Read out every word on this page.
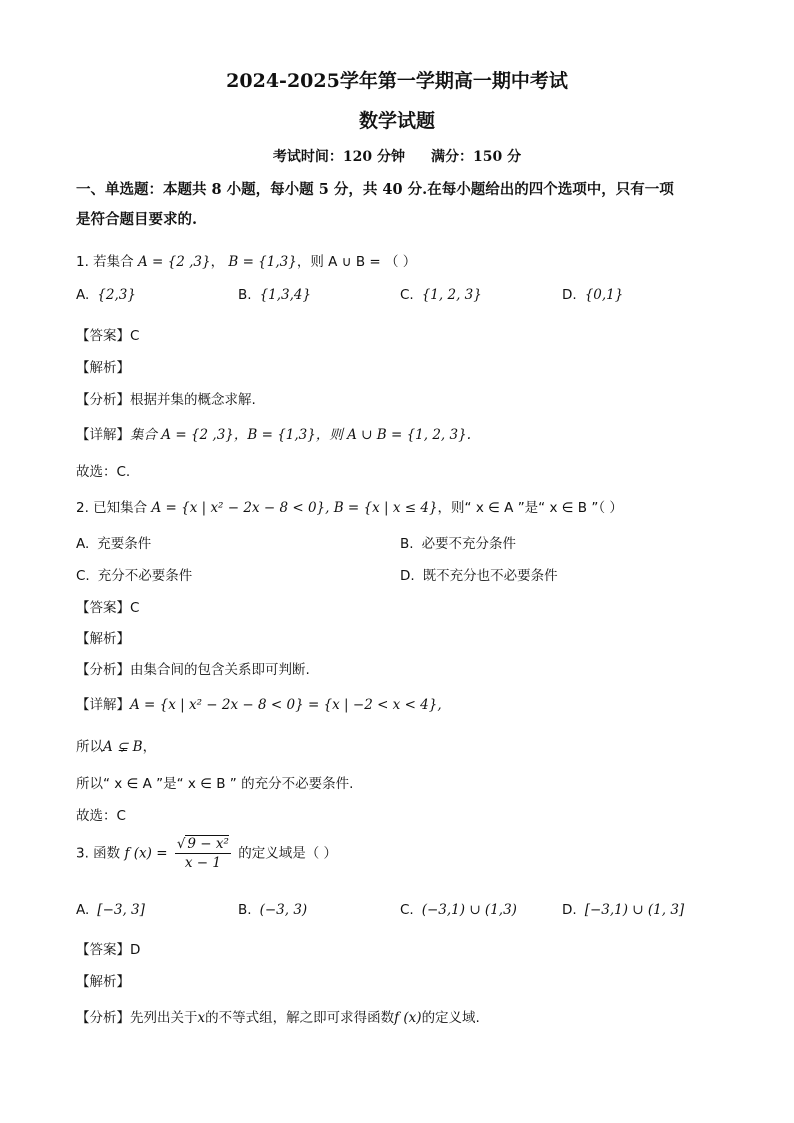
2024-2025学年第一学期高一期中考试
数学试题
考试时间：120 分钟 满分：150 分
一、单选题：本题共 8 小题，每小题 5 分，共 40 分.在每小题给出的四个选项中，只有一项
是符合题目要求的.
1. 若集合 A = {2 ,3}， B = {1,3}，则 A ∪ B = （ ）
A. {2,3}	B. {1,3,4}	C. {1, 2, 3}	D. {0,1}
【答案】C
【解析】
【分析】根据并集的概念求解.
【详解】集合 A = {2 ,3}，B = {1,3}，则 A ∪ B = {1, 2, 3}.
故选：C.
2. 已知集合 A = {x | x² − 2x − 8 < 0}, B = {x | x ≤ 4}，则“ x ∈ A ”是“ x ∈ B ”（ ）
A. 充要条件	B. 必要不充分条件
C. 充分不必要条件	D. 既不充分也不必要条件
【答案】C
【解析】
【分析】由集合间的包含关系即可判断.
【详解】A = {x | x² − 2x − 8 < 0} = {x | −2 < x < 4},
所以A ⊊ B，
所以“ x ∈ A ”是“ x ∈ B ” 的充分不必要条件.
故选：C
3. 函数 f $(x) = \frac{\text{√ 9 − x²}}{x - 1}$ 的定义域是（ ）
A. [−3, 3]	B. (−3, 3)	C. (−3,1) ∪ (1,3)	D. [−3,1) ∪ (1, 3]
【答案】D
【解析】
【分析】先列出关于x的不等式组，解之即可求得函数f (x)的定义域.
